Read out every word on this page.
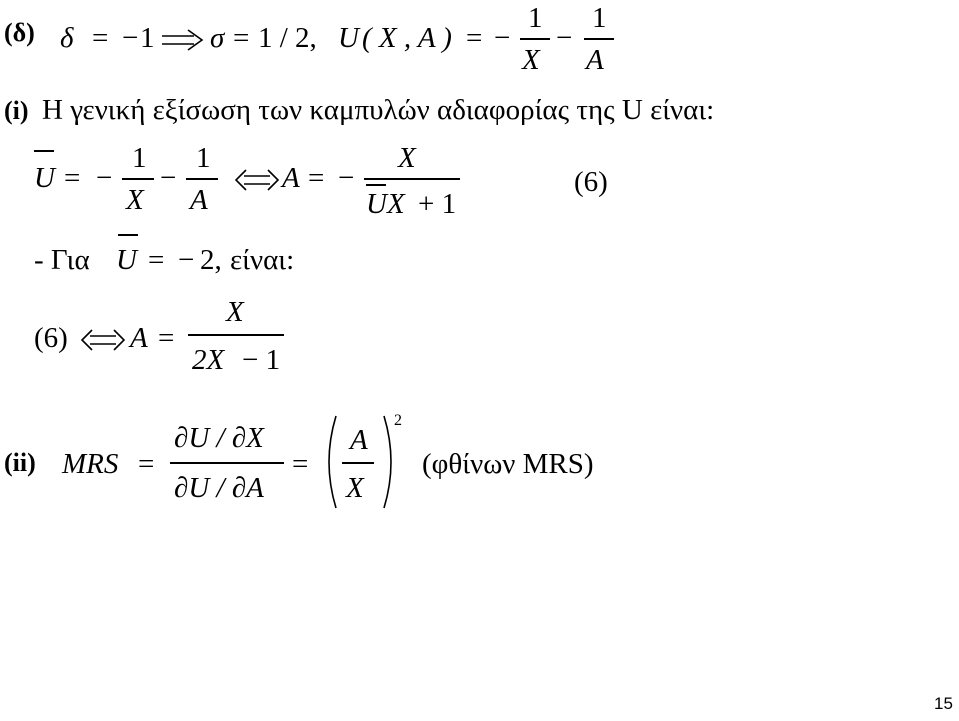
(δ) δ = − 1 σ = 1 / 2, U ( X , A ) = −
1
X
−
1
A
(i) Η γενική εξίσωση των καμπυλών αδιαφορίας της U είναι:
U = −
1
X
−
1
A
A = −
X
UX + 1
(6)
- Για U = − 2, είναι:
(6) A =
X
2X − 1
(ii) MRS =
∂U / ∂X
∂U / ∂A
=
A
X
2
(φθίνων MRS)
15
